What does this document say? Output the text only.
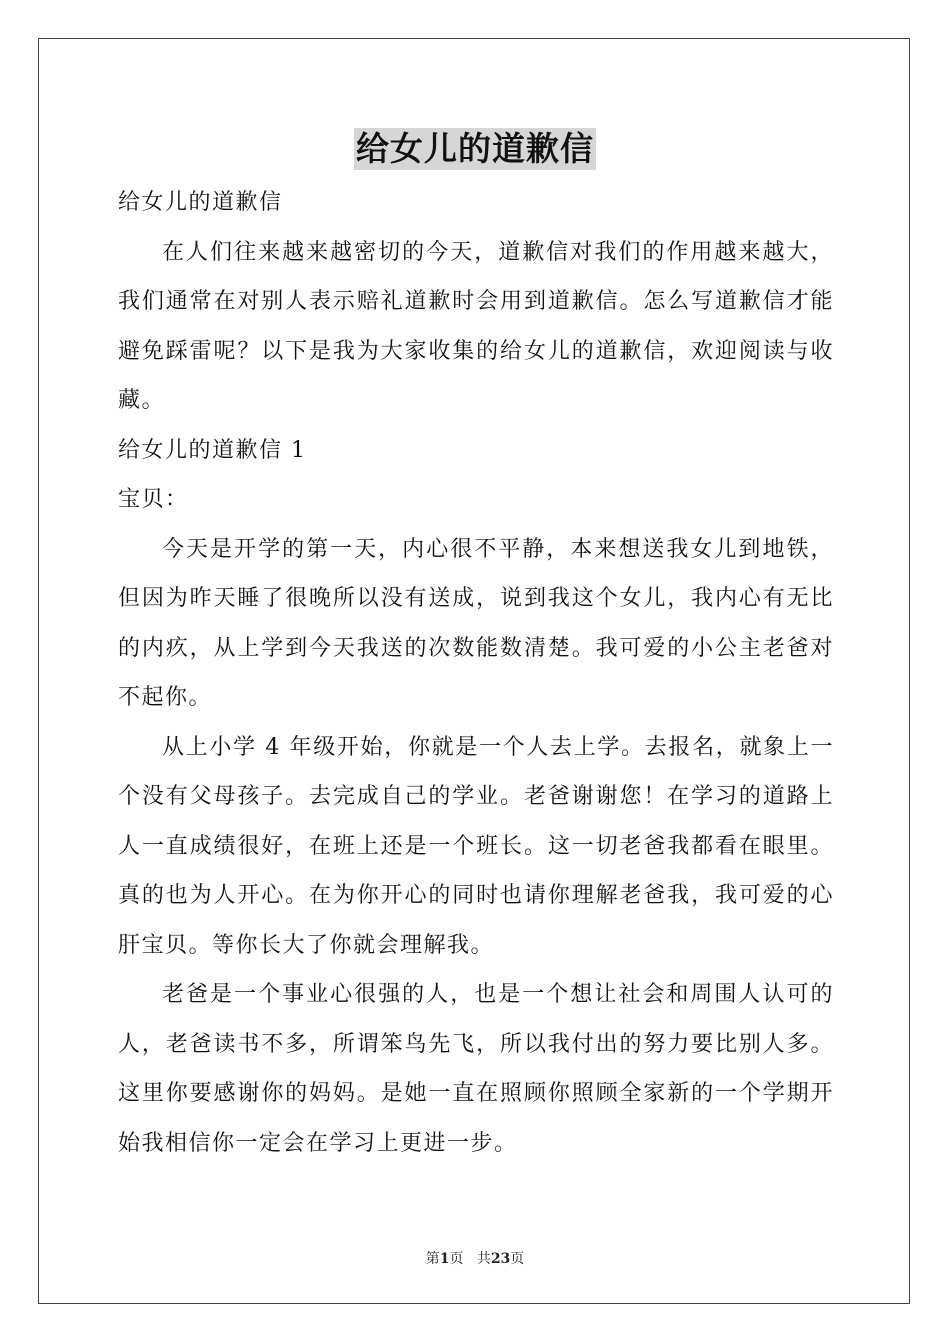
给女儿的道歉信

给女儿的道歉信

在人们往来越来越密切的今天，道歉信对我们的作用越来越大，我们通常在对别人表示赔礼道歉时会用到道歉信。怎么写道歉信才能避免踩雷呢？以下是我为大家收集的给女儿的道歉信，欢迎阅读与收藏。

给女儿的道歉信 1

宝贝：

今天是开学的第一天，内心很不平静，本来想送我女儿到地铁，但因为昨天睡了很晚所以没有送成，说到我这个女儿，我内心有无比的内疚，从上学到今天我送的次数能数清楚。我可爱的小公主老爸对不起你。

从上小学 4 年级开始，你就是一个人去上学。去报名，就象上一个没有父母孩子。去完成自己的学业。老爸谢谢您！在学习的道路上人一直成绩很好，在班上还是一个班长。这一切老爸我都看在眼里。真的也为人开心。在为你开心的同时也请你理解老爸我，我可爱的心肝宝贝。等你长大了你就会理解我。

老爸是一个事业心很强的人，也是一个想让社会和周围人认可的人，老爸读书不多，所谓笨鸟先飞，所以我付出的努力要比别人多。这里你要感谢你的妈妈。是她一直在照顾你照顾全家新的一个学期开始我相信你一定会在学习上更进一步。

第1页 共23页
